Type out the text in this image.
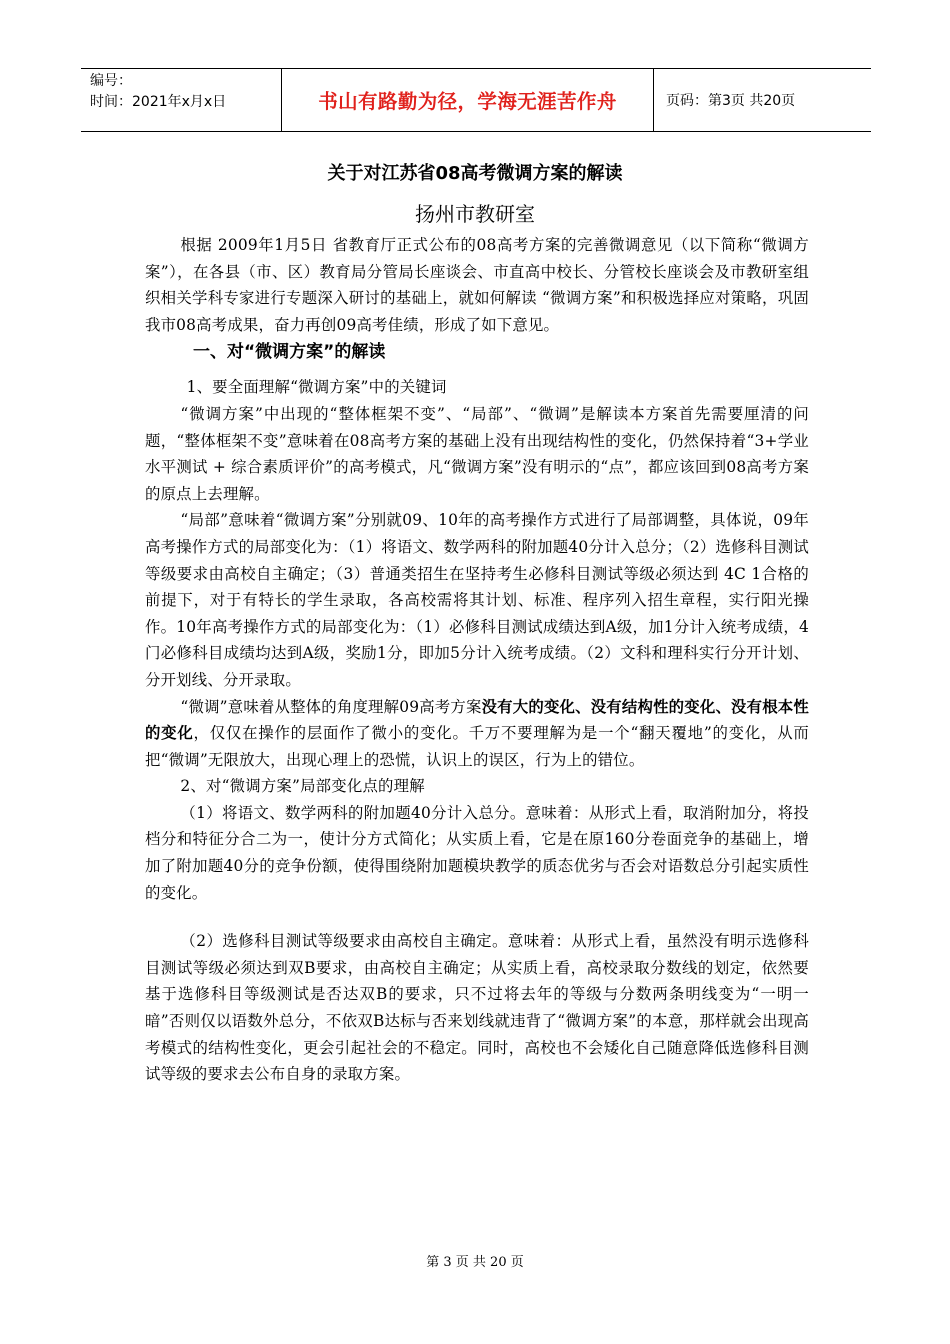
编号：
时间：2021年x月x日	书山有路勤为径，学海无涯苦作舟	页码：第3页 共20页
关于对江苏省08高考微调方案的解读
扬州市教研室

根据 2009年1月5日 省教育厅正式公布的08高考方案的完善微调意见（以下简称“微调方案”），在各县（市、区）教育局分管局长座谈会、市直高中校长、分管校长座谈会及市教研室组织相关学科专家进行专题深入研讨的基础上，就如何解读 “微调方案”和积极选择应对策略，巩固我市08高考成果，奋力再创09高考佳绩，形成了如下意见。

一、对“微调方案”的解读

1、要全面理解“微调方案”中的关键词

“微调方案”中出现的“整体框架不变”、“局部”、“微调”是解读本方案首先需要厘清的问题，“整体框架不变”意味着在08高考方案的基础上没有出现结构性的变化，仍然保持着“3+学业水平测试 + 综合素质评价”的高考模式，凡“微调方案”没有明示的“点”，都应该回到08高考方案的原点上去理解。

“局部”意味着“微调方案”分别就09、10年的高考操作方式进行了局部调整，具体说，09年高考操作方式的局部变化为：（1）将语文、数学两科的附加题40分计入总分；（2）选修科目测试等级要求由高校自主确定；（3）普通类招生在坚持考生必修科目测试等级必须达到 4C 1合格的前提下，对于有特长的学生录取，各高校需将其计划、标准、程序列入招生章程，实行阳光操作。10年高考操作方式的局部变化为：（1）必修科目测试成绩达到A级，加1分计入统考成绩，4门必修科目成绩均达到A级，奖励1分，即加5分计入统考成绩。（2）文科和理科实行分开计划、分开划线、分开录取。

“微调”意味着从整体的角度理解09高考方案没有大的变化、没有结构性的变化、没有根本性的变化，仅仅在操作的层面作了微小的变化。千万不要理解为是一个“翻天覆地”的变化，从而把“微调”无限放大，出现心理上的恐慌，认识上的误区，行为上的错位。

2、对“微调方案”局部变化点的理解

（1）将语文、数学两科的附加题40分计入总分。意味着：从形式上看，取消附加分，将投档分和特征分合二为一，使计分方式简化；从实质上看，它是在原160分卷面竞争的基础上，增加了附加题40分的竞争份额，使得围绕附加题模块教学的质态优劣与否会对语数总分引起实质性的变化。

（2）选修科目测试等级要求由高校自主确定。意味着：从形式上看，虽然没有明示选修科目测试等级必须达到双B要求，由高校自主确定；从实质上看，高校录取分数线的划定，依然要基于选修科目等级测试是否达双B的要求，只不过将去年的等级与分数两条明线变为“一明一暗”否则仅以语数外总分，不依双B达标与否来划线就违背了“微调方案”的本意，那样就会出现高考模式的结构性变化，更会引起社会的不稳定。同时，高校也不会矮化自己随意降低选修科目测试等级的要求去公布自身的录取方案。

第 3 页 共 20 页
